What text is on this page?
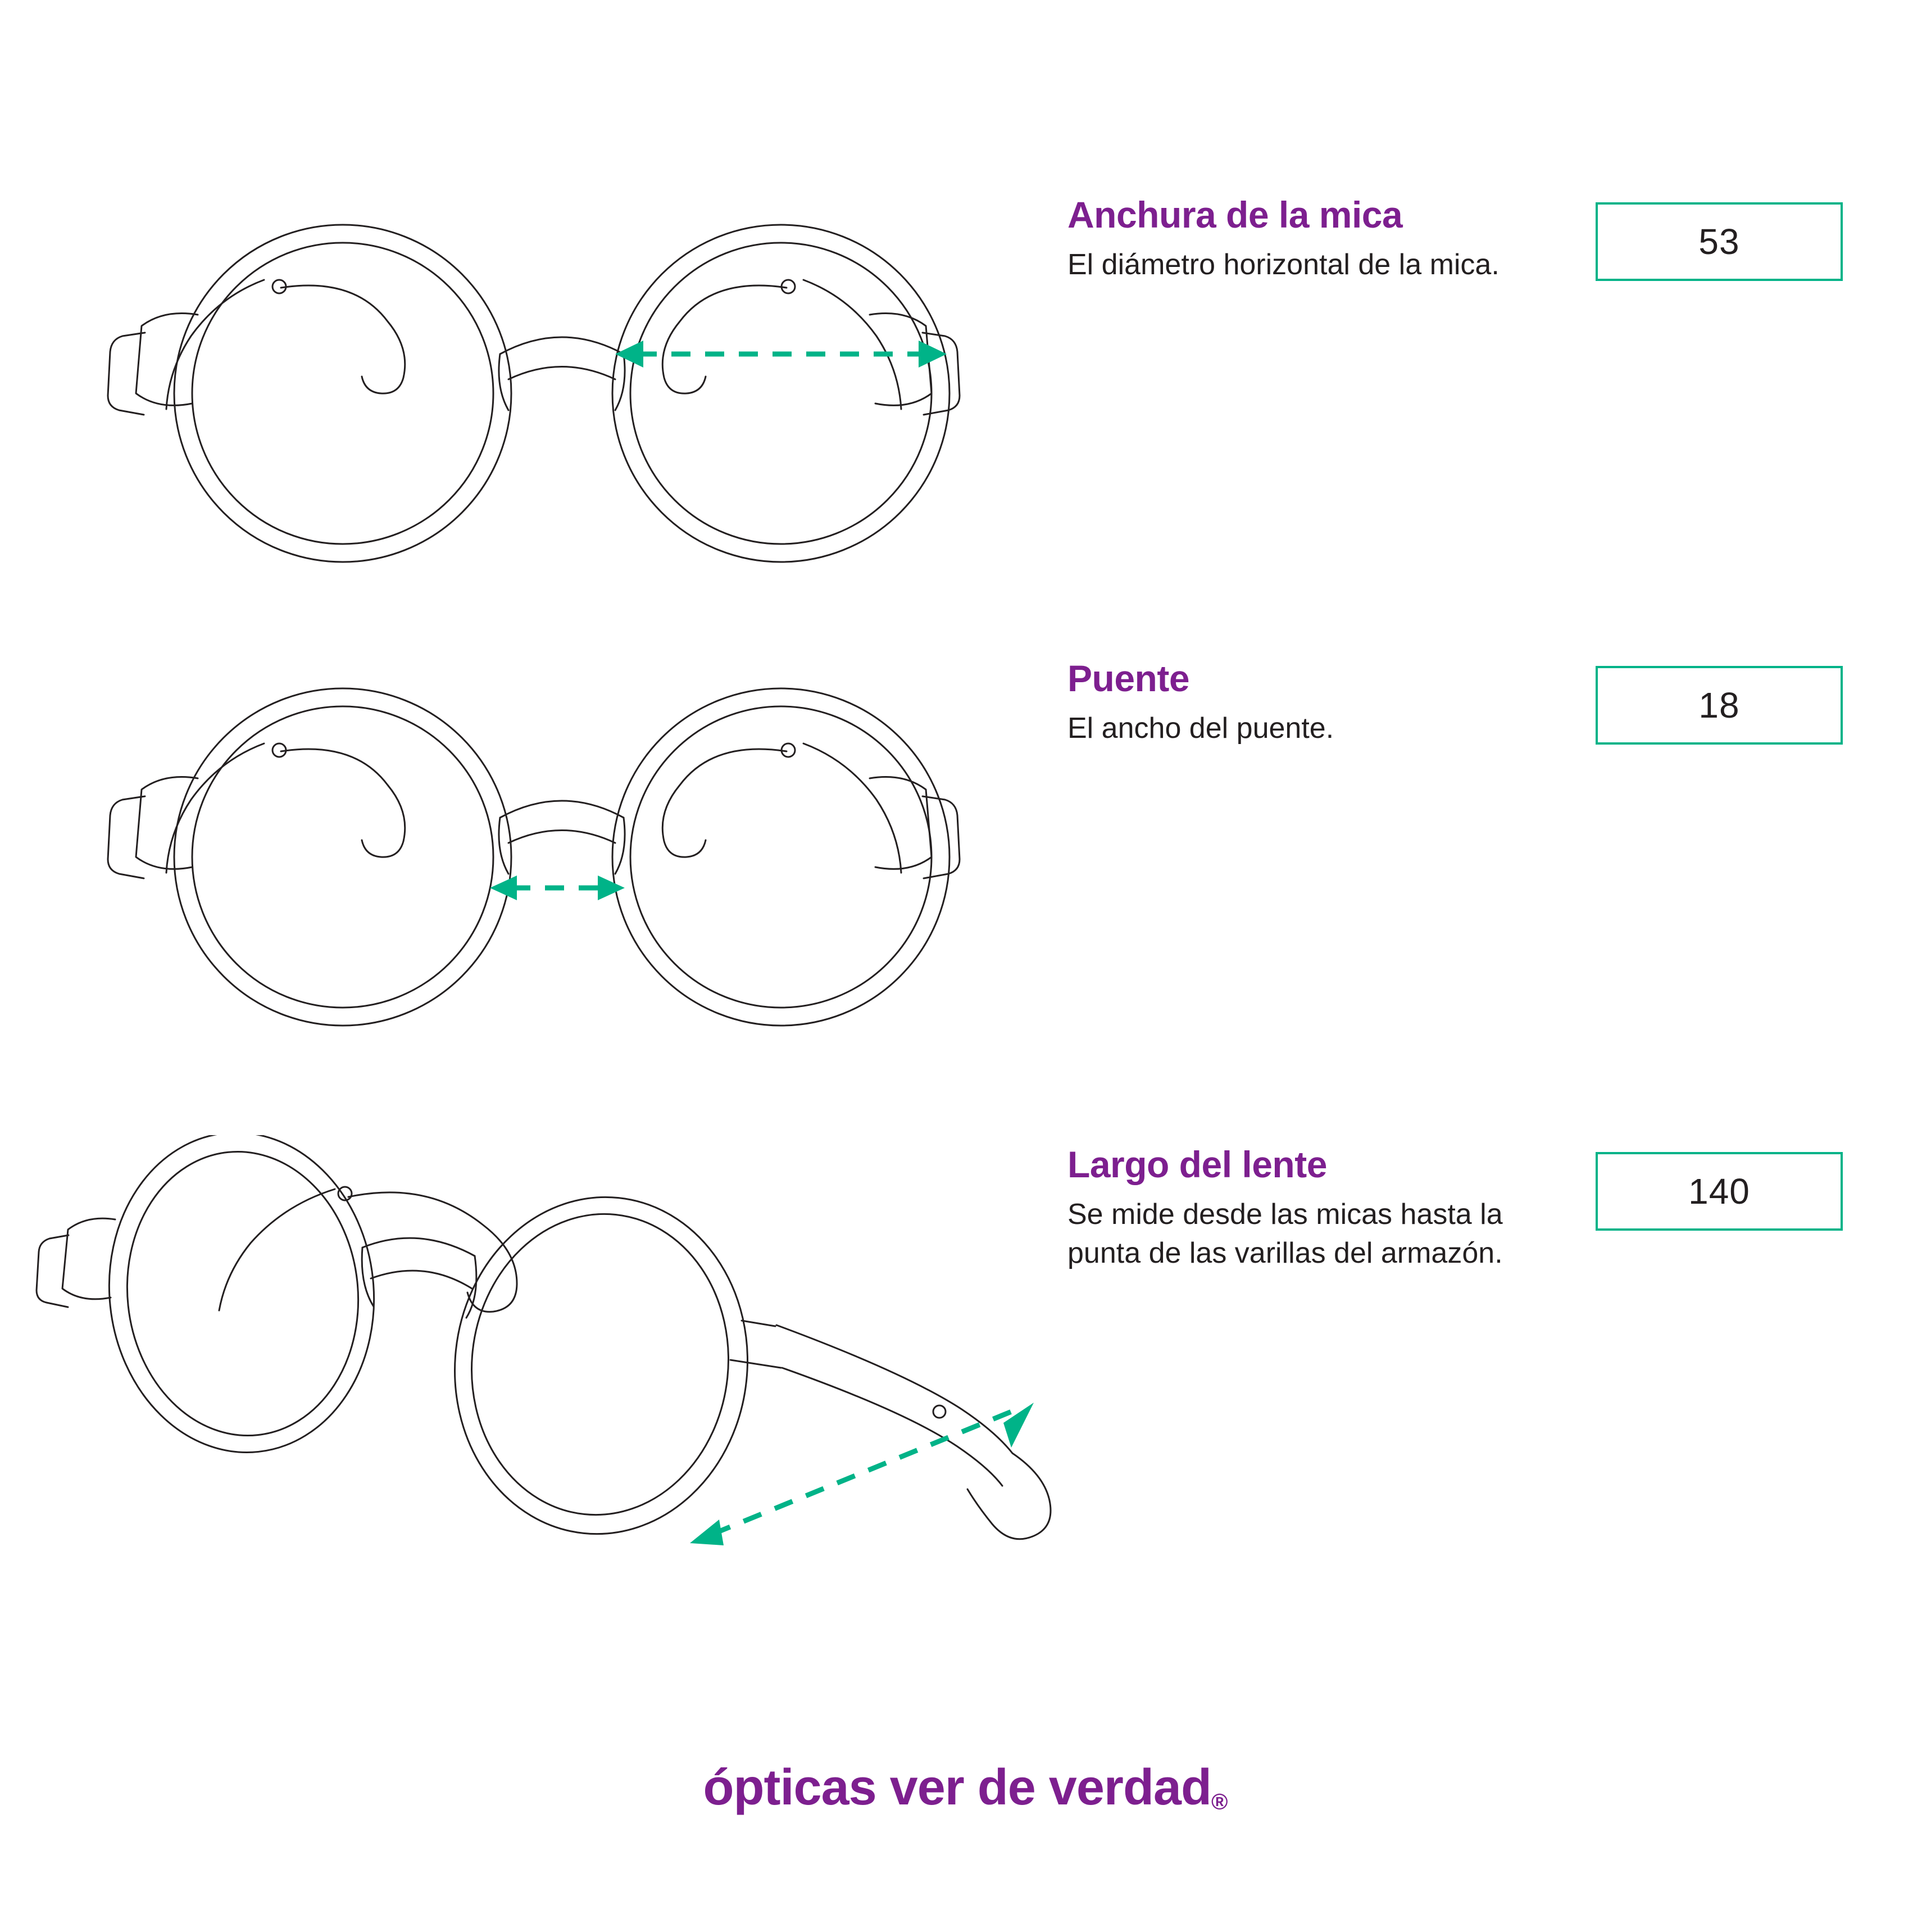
Anchura de la mica

El diámetro horizontal de la mica.

53
Puente

El ancho del puente.

18
Largo del lente

Se mide desde las micas hasta la punta de las varillas del armazón.

140
ópticas ver de verdad®
